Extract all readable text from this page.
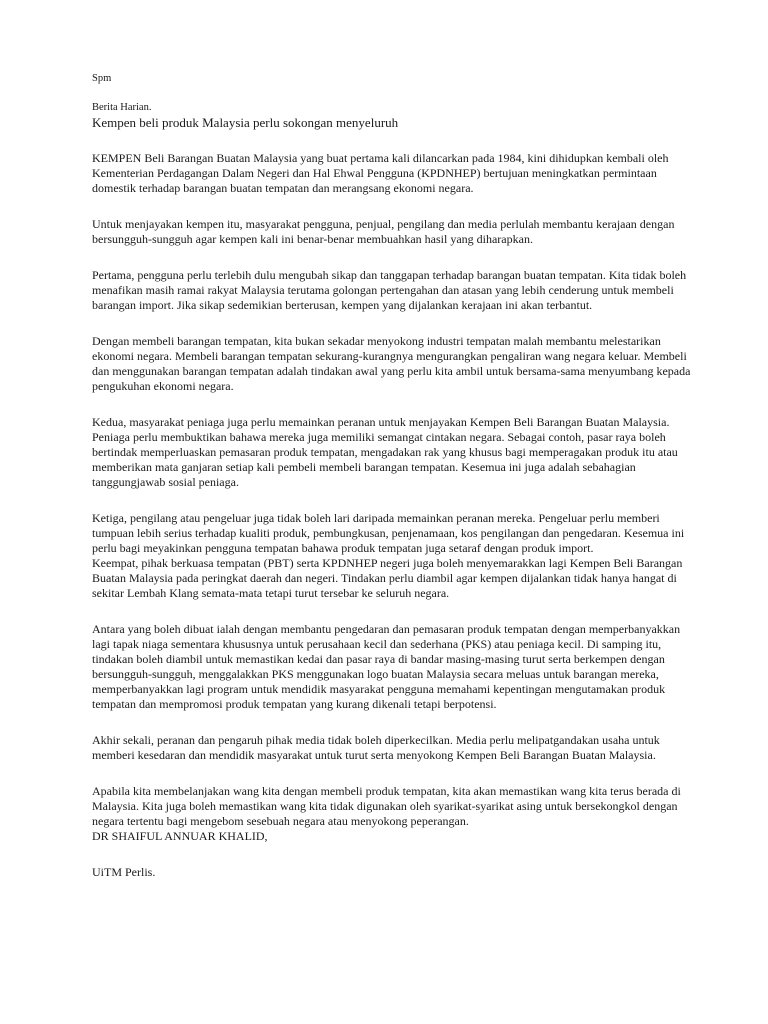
Spm

Berita Harian.

Kempen beli produk Malaysia perlu sokongan menyeluruh

KEMPEN Beli Barangan Buatan Malaysia yang buat pertama kali dilancarkan pada 1984, kini dihidupkan kembali oleh Kementerian Perdagangan Dalam Negeri dan Hal Ehwal Pengguna (KPDNHEP) bertujuan meningkatkan permintaan domestik terhadap barangan buatan tempatan dan merangsang ekonomi negara.

Untuk menjayakan kempen itu, masyarakat pengguna, penjual, pengilang dan media perlulah membantu kerajaan dengan bersungguh-sungguh agar kempen kali ini benar-benar membuahkan hasil yang diharapkan.

Pertama, pengguna perlu terlebih dulu mengubah sikap dan tanggapan terhadap barangan buatan tempatan. Kita tidak boleh menafikan masih ramai rakyat Malaysia terutama golongan pertengahan dan atasan yang lebih cenderung untuk membeli barangan import. Jika sikap sedemikian berterusan, kempen yang dijalankan kerajaan ini akan terbantut.

Dengan membeli barangan tempatan, kita bukan sekadar menyokong industri tempatan malah membantu melestarikan ekonomi negara. Membeli barangan tempatan sekurang-kurangnya mengurangkan pengaliran wang negara keluar. Membeli dan menggunakan barangan tempatan adalah tindakan awal yang perlu kita ambil untuk bersama-sama menyumbang kepada pengukuhan ekonomi negara.

Kedua, masyarakat peniaga juga perlu memainkan peranan untuk menjayakan Kempen Beli Barangan Buatan Malaysia. Peniaga perlu membuktikan bahawa mereka juga memiliki semangat cintakan negara. Sebagai contoh, pasar raya boleh bertindak memperluaskan pemasaran produk tempatan, mengadakan rak yang khusus bagi memperagakan produk itu atau memberikan mata ganjaran setiap kali pembeli membeli barangan tempatan. Kesemua ini juga adalah sebahagian tanggungjawab sosial peniaga.

Ketiga, pengilang atau pengeluar juga tidak boleh lari daripada memainkan peranan mereka. Pengeluar perlu memberi tumpuan lebih serius terhadap kualiti produk, pembungkusan, penjenamaan, kos pengilangan dan pengedaran. Kesemua ini perlu bagi meyakinkan pengguna tempatan bahawa produk tempatan juga setaraf dengan produk import.

Keempat, pihak berkuasa tempatan (PBT) serta KPDNHEP negeri juga boleh menyemarakkan lagi Kempen Beli Barangan Buatan Malaysia pada peringkat daerah dan negeri. Tindakan perlu diambil agar kempen dijalankan tidak hanya hangat di sekitar Lembah Klang semata-mata tetapi turut tersebar ke seluruh negara.

Antara yang boleh dibuat ialah dengan membantu pengedaran dan pemasaran produk tempatan dengan memperbanyakkan lagi tapak niaga sementara khususnya untuk perusahaan kecil dan sederhana (PKS) atau peniaga kecil. Di samping itu, tindakan boleh diambil untuk memastikan kedai dan pasar raya di bandar masing-masing turut serta berkempen dengan bersungguh-sungguh, menggalakkan PKS menggunakan logo buatan Malaysia secara meluas untuk barangan mereka, memperbanyakkan lagi program untuk mendidik masyarakat pengguna memahami kepentingan mengutamakan produk tempatan dan mempromosi produk tempatan yang kurang dikenali tetapi berpotensi.

Akhir sekali, peranan dan pengaruh pihak media tidak boleh diperkecilkan. Media perlu melipatgandakan usaha untuk memberi kesedaran dan mendidik masyarakat untuk turut serta menyokong Kempen Beli Barangan Buatan Malaysia.

Apabila kita membelanjakan wang kita dengan membeli produk tempatan, kita akan memastikan wang kita terus berada di Malaysia. Kita juga boleh memastikan wang kita tidak digunakan oleh syarikat-syarikat asing untuk bersekongkol dengan negara tertentu bagi mengebom sesebuah negara atau menyokong peperangan.

DR SHAIFUL ANNUAR KHALID,

UiTM Perlis.
